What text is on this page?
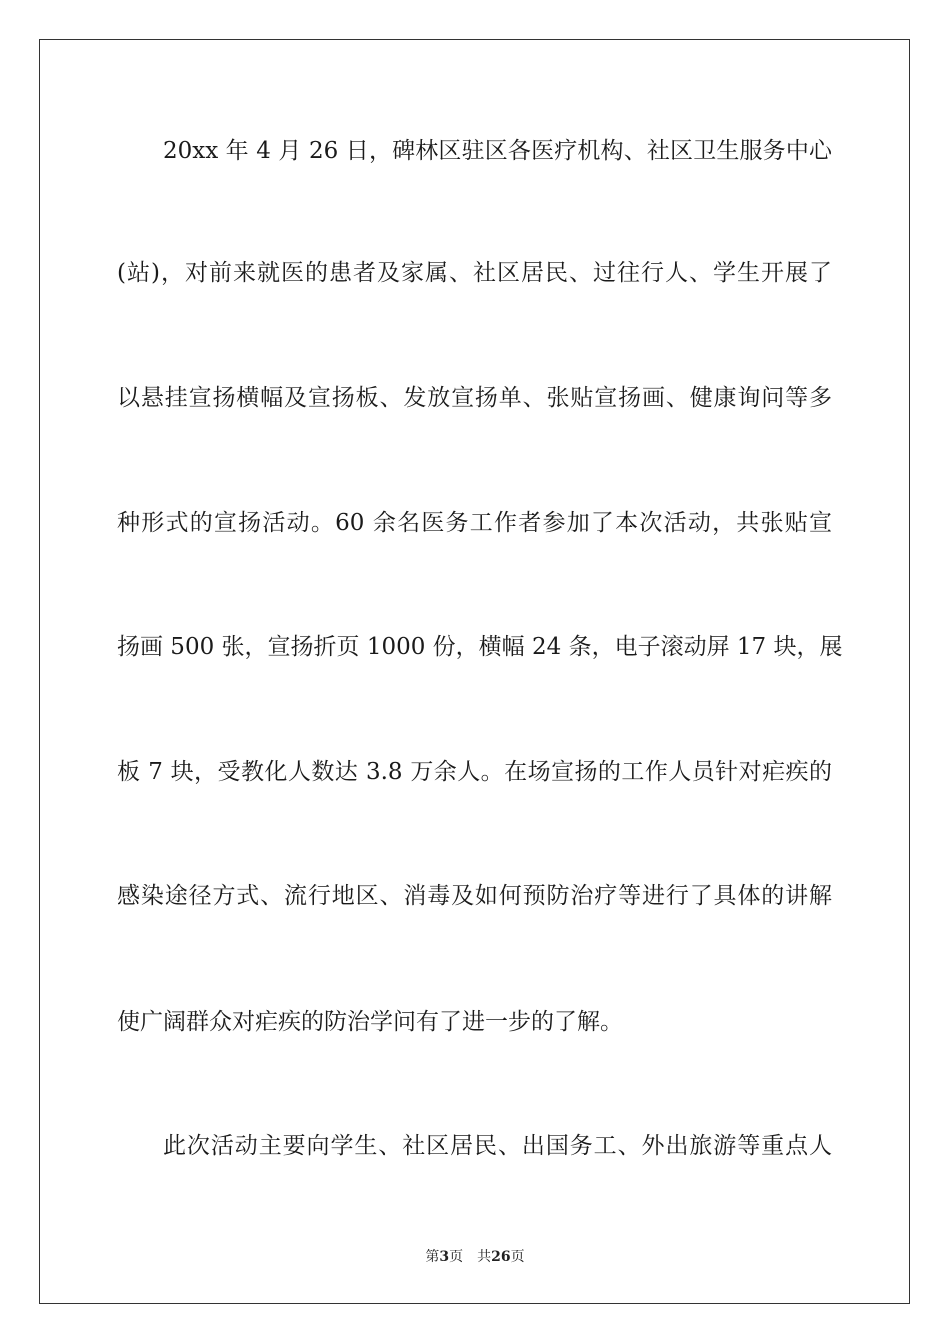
20xx 年 4 月 26 日，碑林区驻区各医疗机构、社区卫生服务中心
(站)，对前来就医的患者及家属、社区居民、过往行人、学生开展了
以悬挂宣扬横幅及宣扬板、发放宣扬单、张贴宣扬画、健康询问等多
种形式的宣扬活动。60 余名医务工作者参加了本次活动，共张贴宣
扬画 500 张，宣扬折页 1000 份，横幅 24 条，电子滚动屏 17 块，展
板 7 块，受教化人数达 3.8 万余人。在场宣扬的工作人员针对疟疾的
感染途径方式、流行地区、消毒及如何预防治疗等进行了具体的讲解
使广阔群众对疟疾的防治学问有了进一步的了解。
此次活动主要向学生、社区居民、出国务工、外出旅游等重点人
第3页 共26页
